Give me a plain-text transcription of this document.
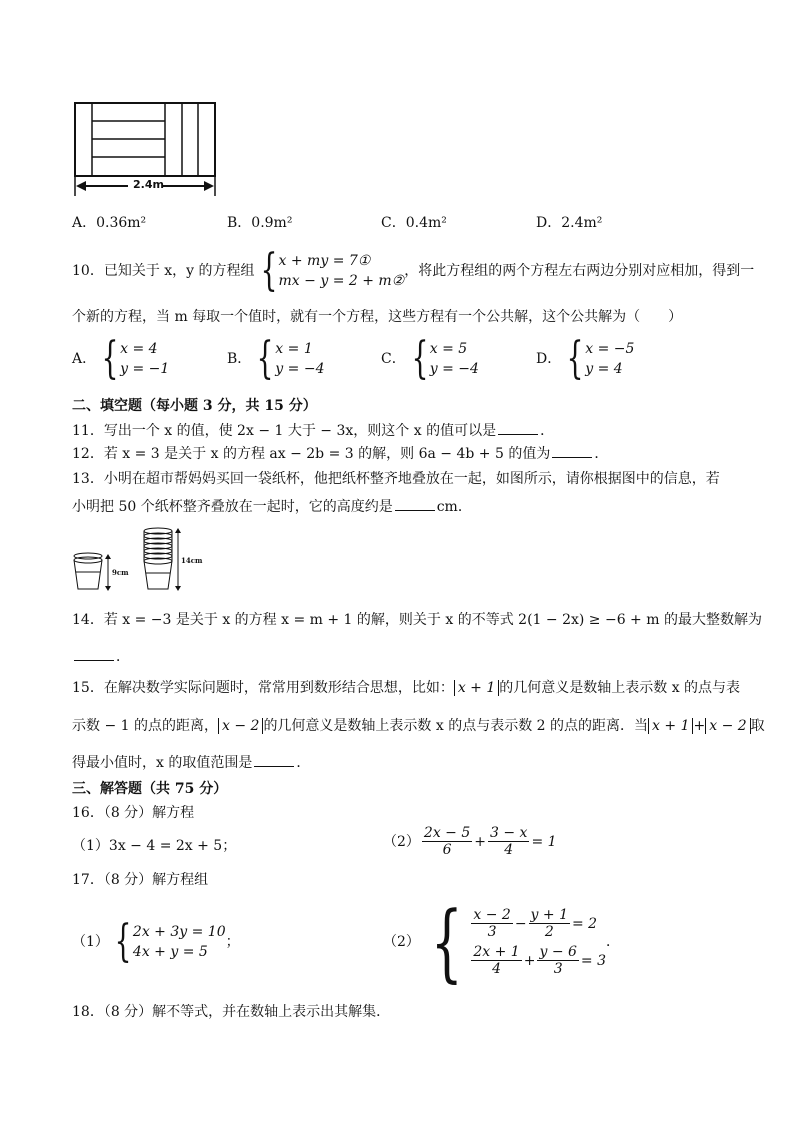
2.4m
A．0.36m²	B．0.9m²	C．0.4m²	D．2.4m²
10．已知关于 x，y 的方程组 { x + my = 7①
mx − y = 2 + m②
，将此方程组的两个方程左右两边分别对应相加，得到一
个新的方程，当 m 每取一个值时，就有一个方程，这些方程有一个公共解，这个公共解为（　　）
A． { x = 4
y = −1
B． { x = 1
y = −4
C． { x = 5
y = −4
D． { x = −5
y = 4
二、填空题（每小题 3 分，共 15 分）
11．写出一个 x 的值，使 2x − 1 大于 − 3x，则这个 x 的值可以是	．
12．若 x = 3 是关于 x 的方程 ax − 2b = 3 的解，则 6a − 4b + 5 的值为	．
13．小明在超市帮妈妈买回一袋纸杯，他把纸杯整齐地叠放在一起，如图所示，请你根据图中的信息，若
小明把 50 个纸杯整齐叠放在一起时，它的高度约是	cm．
9cm
14cm
14．若 x = −3 是关于 x 的方程 x = m + 1 的解，则关于 x 的不等式 2(1 − 2x) ≥ −6 + m 的最大整数解为
．
15．在解决数学实际问题时，常常用到数形结合思想，比如： x + 1 的几何意义是数轴上表示数 x 的点与表
示数 − 1 的点的距离， x − 2 的几何意义是数轴上表示数 x 的点与表示数 2 的点的距离．当 x + 1 + x − 2 取
得最小值时，x 的取值范围是	．
三、解答题（共 75 分）
16．（8 分）解方程
（1）3x − 4 = 2x + 5；	$(2) \frac{2x - 5}{6} + \frac{3 - x}{4} = 1$
17．（8 分）解方程组
（1） { 2x + 3y = 10
4x + y = 5
；	（2） { $\frac{x - 2}{3} - \frac{y + 1}{2} = 2$
$\frac{2x + 1}{4} + \frac{y - 6}{3} = 3$
．
18．（8 分）解不等式，并在数轴上表示出其解集．
